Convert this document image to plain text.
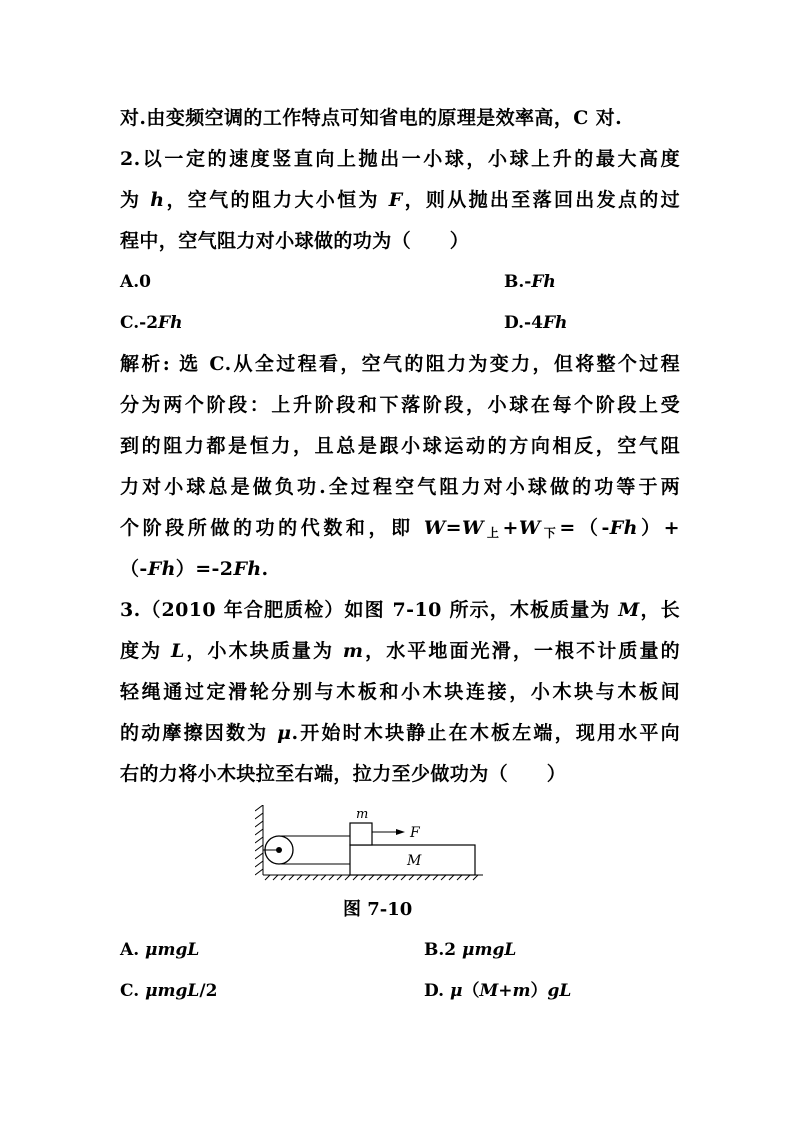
对.由变频空调的工作特点可知省电的原理是效率高，C 对.
2.以一定的速度竖直向上抛出一小球，小球上升的最大高度
为 h，空气的阻力大小恒为 F，则从抛出至落回出发点的过
程中，空气阻力对小球做的功为（　　）
A.0	B.-Fh
C.-2Fh	D.-4Fh
解析: 选 C.从全过程看，空气的阻力为变力，但将整个过程
分为两个阶段：上升阶段和下落阶段，小球在每个阶段上受
到的阻力都是恒力，且总是跟小球运动的方向相反，空气阻
力对小球总是做负功.全过程空气阻力对小球做的功等于两
个阶段所做的功的代数和，即 $W=W_上+W_下=(-Fh)+$
（-Fh）=-2Fh.
3.（2010 年合肥质检）如图 7-10 所示，木板质量为 M，长
度为 L，小木块质量为 m，水平地面光滑，一根不计质量的
轻绳通过定滑轮分别与木板和小木块连接，小木块与木板间
的动摩擦因数为 μ.开始时木块静止在木板左端，现用水平向
右的力将小木块拉至右端，拉力至少做功为（　　）
m
F
M
图 7-10
A. μmgL	B.2 μmgL
C. μmgL/2	D. μ（M+m）gL
